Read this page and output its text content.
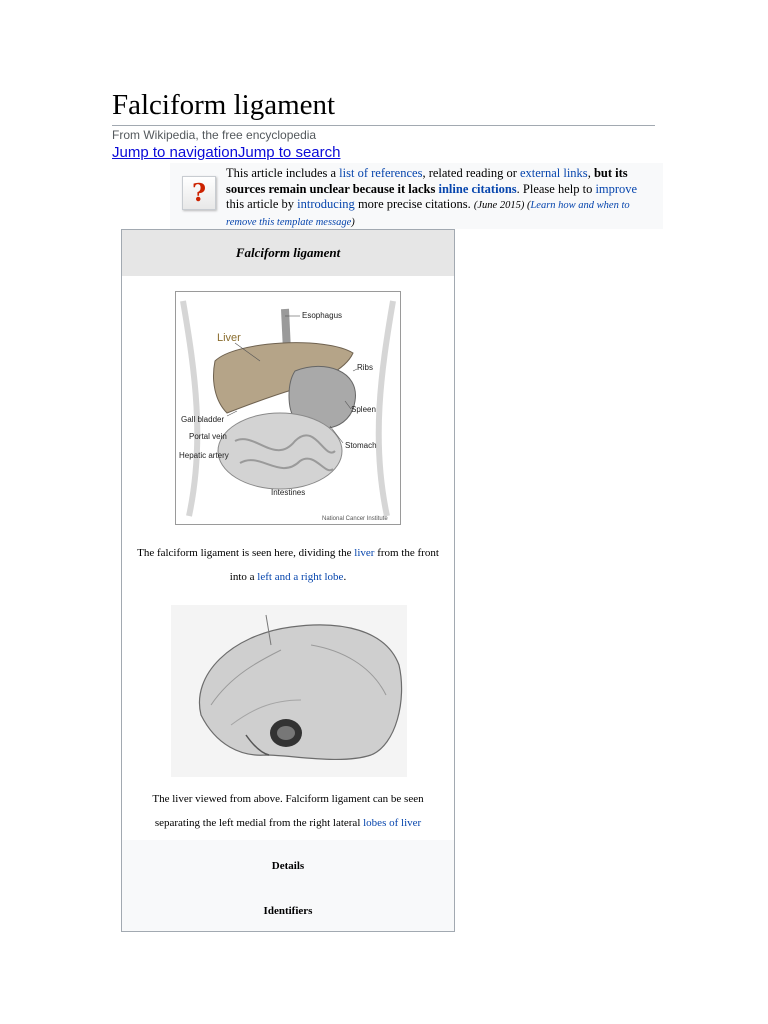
Falciform ligament
From Wikipedia, the free encyclopedia
Jump to navigationJump to search
?
This article includes a list of references, related reading or external links, but its sources remain unclear because it lacks inline citations. Please help to improve this article by introducing more precise citations. (June 2015) (Learn how and when to remove this template message)
Falciform ligament
Esophagus
Liver
Ribs
Spleen
Gall bladder
Portal vein
Stomach
Hepatic artery
Intestines
National Cancer Institute
The falciform ligament is seen here, dividing the liver from the front into a left and a right lobe.
The liver viewed from above. Falciform ligament can be seen separating the left medial from the right lateral lobes of liver
Details
Identifiers
